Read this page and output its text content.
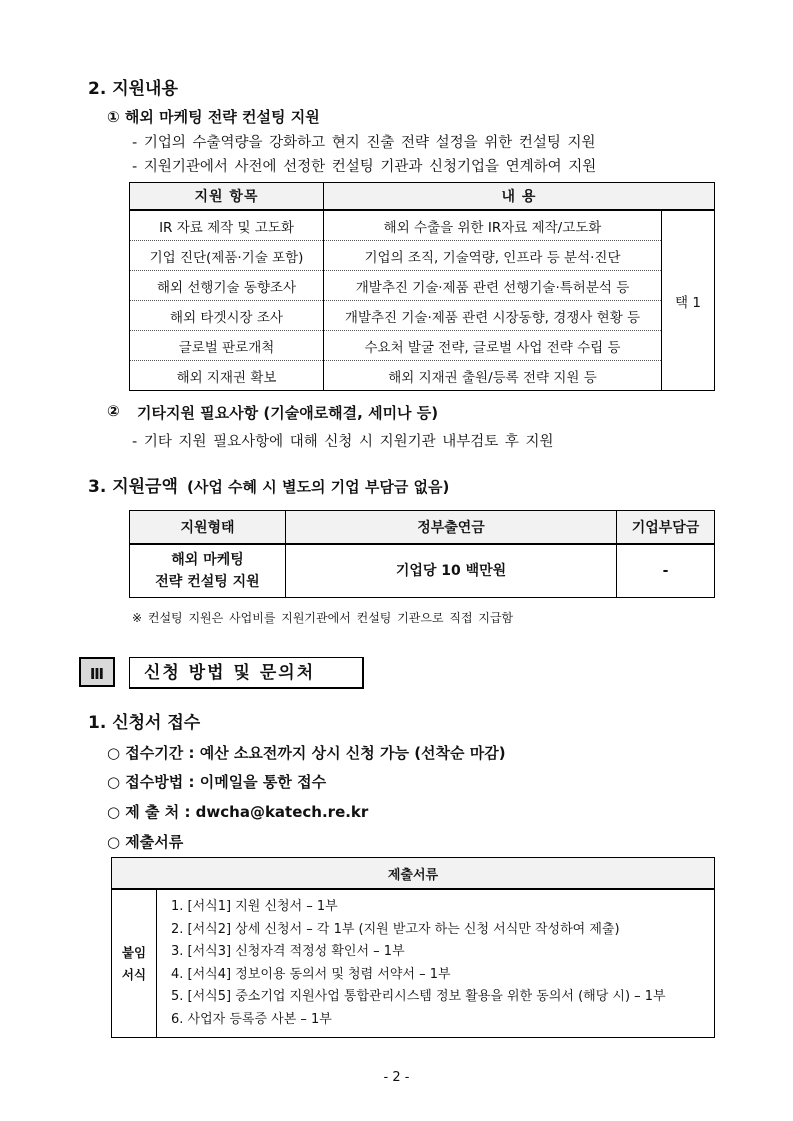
2. 지원내용
① 해외 마케팅 전략 컨설팅 지원
- 기업의 수출역량을 강화하고 현지 진출 전략 설정을 위한 컨설팅 지원
- 지원기관에서 사전에 선정한 컨설팅 기관과 신청기업을 연계하여 지원
지원 항목	내 용	
IR 자료 제작 및 고도화	해외 수출을 위한 IR자료 제작/고도화	택 1
기업 진단(제품·기술 포함)	기업의 조직, 기술역량, 인프라 등 분석·진단	
해외 선행기술 동향조사	개발추진 기술·제품 관련 선행기술·특허분석 등	
해외 타겟시장 조사	개발추진 기술·제품 관련 시장동향, 경쟁사 현황 등	
글로벌 판로개척	수요처 발굴 전략, 글로벌 사업 전략 수립 등	
해외 지재권 확보	해외 지재권 출원/등록 전략 지원 등	
② 기타지원 필요사항 (기술애로해결, 세미나 등)
- 기타 지원 필요사항에 대해 신청 시 지원기관 내부검토 후 지원
3. 지원금액 (사업 수혜 시 별도의 기업 부담금 없음)
지원형태	정부출연금	기업부담금

해외 마케팅
전략 컨설팅 지원	기업당 10 백만원	-
※ 컨설팅 지원은 사업비를 지원기관에서 컨설팅 기관으로 직접 지급함
Ⅲ	신청 방법 및 문의처
1. 신청서 접수
○ 접수기간 : 예산 소요전까지 상시 신청 가능 (선착순 마감)
○ 접수방법 : 이메일을 통한 접수
○ 제 출 처 : dwcha@katech.re.kr
○ 제출서류
제출서류

붙임
서식

1. [서식1] 지원 신청서 – 1부
2. [서식2] 상세 신청서 – 각 1부 (지원 받고자 하는 신청 서식만 작성하여 제출)
3. [서식3] 신청자격 적정성 확인서 – 1부
4. [서식4] 정보이용 동의서 및 청렴 서약서 – 1부
5. [서식5] 중소기업 지원사업 통합관리시스템 정보 활용을 위한 동의서 (해당 시) – 1부
6. 사업자 등록증 사본 – 1부
- 2 -
